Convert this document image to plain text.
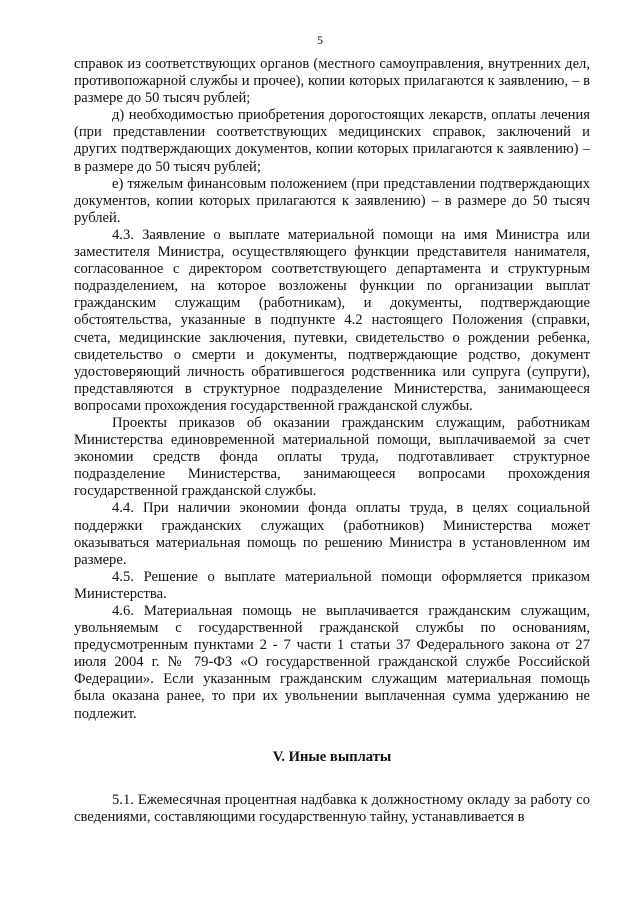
5

справок из соответствующих органов (местного самоуправления, внутренних дел, противопожарной службы и прочее), копии которых прилагаются к заявлению, – в размере до 50 тысяч рублей;

д) необходимостью приобретения дорогостоящих лекарств, оплаты лечения (при представлении соответствующих медицинских справок, заключений и других подтверждающих документов, копии которых прилагаются к заявлению) – в размере до 50 тысяч рублей;

е) тяжелым финансовым положением (при представлении подтверждающих документов, копии которых прилагаются к заявлению) – в размере до 50 тысяч рублей.

4.3. Заявление о выплате материальной помощи на имя Министра или заместителя Министра, осуществляющего функции представителя нанимателя, согласованное с директором соответствующего департамента и структурным подразделением, на которое возложены функции по организации выплат гражданским служащим (работникам), и документы, подтверждающие обстоятельства, указанные в подпункте 4.2 настоящего Положения (справки, счета, медицинские заключения, путевки, свидетельство о рождении ребенка, свидетельство о смерти и документы, подтверждающие родство, документ удостоверяющий личность обратившегося родственника или супруга (супруги), представляются в структурное подразделение Министерства, занимающееся вопросами прохождения государственной гражданской службы.

Проекты приказов об оказании гражданским служащим, работникам Министерства единовременной материальной помощи, выплачиваемой за счет экономии средств фонда оплаты труда, подготавливает структурное подразделение Министерства, занимающееся вопросами прохождения государственной гражданской службы.

4.4. При наличии экономии фонда оплаты труда, в целях социальной поддержки гражданских служащих (работников) Министерства может оказываться материальная помощь по решению Министра в установленном им размере.

4.5. Решение о выплате материальной помощи оформляется приказом Министерства.

4.6. Материальная помощь не выплачивается гражданским служащим, увольняемым с государственной гражданской службы по основаниям, предусмотренным пунктами 2 - 7 части 1 статьи 37 Федерального закона от 27 июля 2004 г. № 79-ФЗ «О государственной гражданской службе Российской Федерации». Если указанным гражданским служащим материальная помощь была оказана ранее, то при их увольнении выплаченная сумма удержанию не подлежит.

V. Иные выплаты

5.1. Ежемесячная процентная надбавка к должностному окладу за работу со сведениями, составляющими государственную тайну, устанавливается в
